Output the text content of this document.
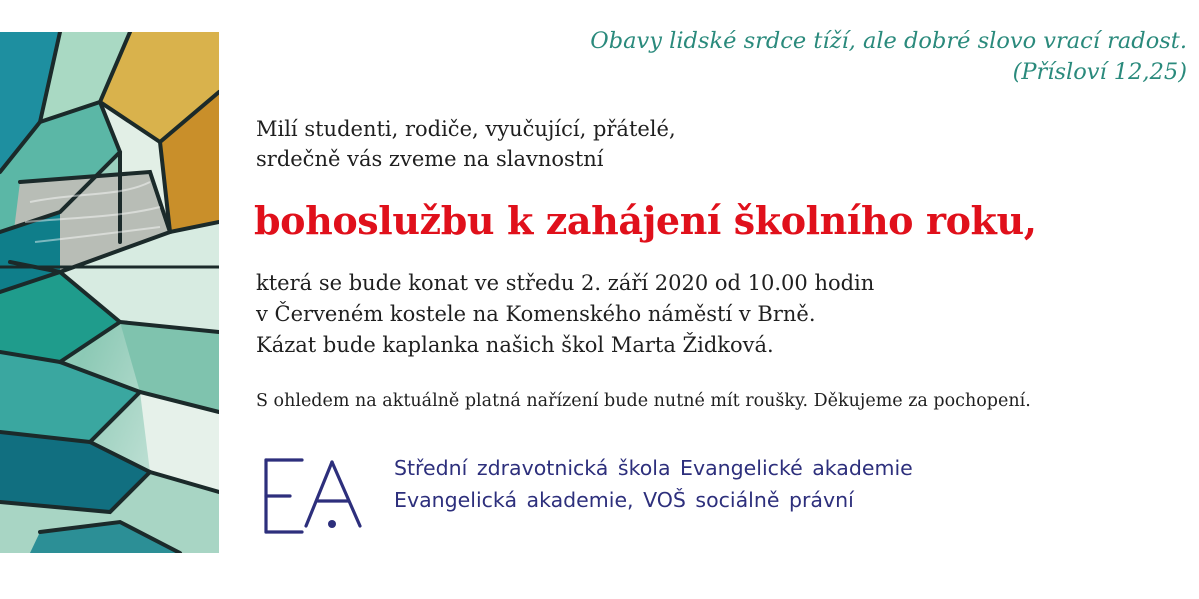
Obavy lidské srdce tíží, ale dobré slovo vrací radost.
(Přísloví 12,25)
Milí studenti, rodiče, vyučující, přátelé,
srdečně vás zveme na slavnostní
bohoslužbu k zahájení školního roku,
která se bude konat ve středu 2. září 2020 od 10.00 hodin
v Červeném kostele na Komenského náměstí v Brně.
Kázat bude kaplanka našich škol Marta Židková.
S ohledem na aktuálně platná nařízení bude nutné mít roušky. Děkujeme za pochopení.
Střední zdravotnická škola Evangelické akademie
Evangelická akademie, VOŠ sociálně právní
